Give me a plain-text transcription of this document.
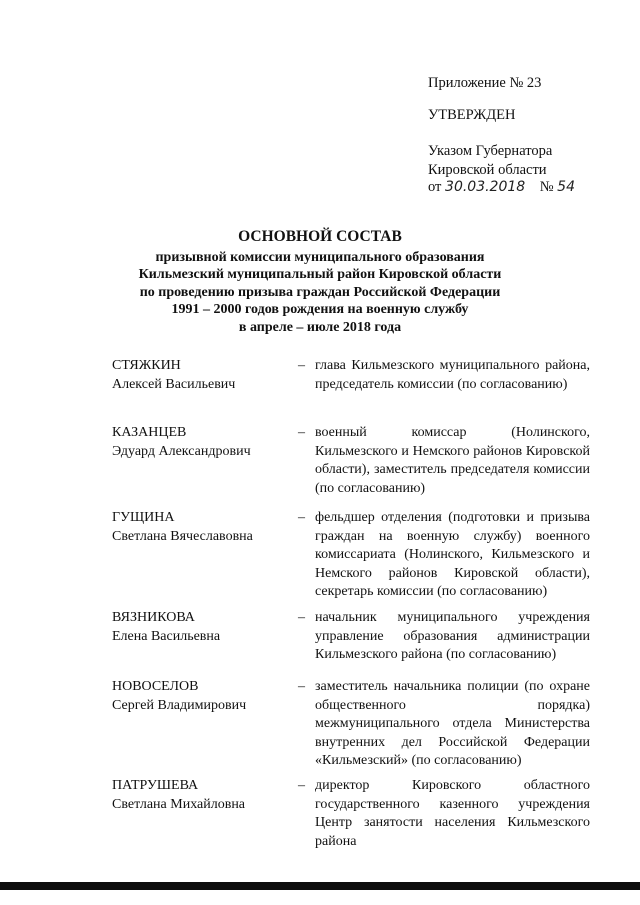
Приложение № 23
УТВЕРЖДЕН
Указом Губернатора
Кировской области
от 30.03.2018 № 54
ОСНОВНОЙ СОСТАВ
призывной комиссии муниципального образования
Кильмезский муниципальный район Кировской области
по проведению призыва граждан Российской Федерации
1991 – 2000 годов рождения на военную службу
в апреле – июле 2018 года
СТЯЖКИН
Алексей Васильевич
– глава Кильмезского муниципального района, председатель комиссии (по согласованию)
КАЗАНЦЕВ
Эдуард Александрович
– военный комиссар (Нолинского, Кильмезского и Немского районов Кировской области), заместитель председателя комиссии (по согласованию)
ГУЩИНА
Светлана Вячеславовна
– фельдшер отделения (подготовки и призыва граждан на военную службу) военного комиссариата (Нолинского, Кильмезского и Немского районов Кировской области), секретарь комиссии (по согласованию)
ВЯЗНИКОВА
Елена Васильевна
– начальник муниципального учреждения управление образования администрации Кильмезского района (по согласованию)
НОВОСЕЛОВ
Сергей Владимирович
– заместитель начальника полиции (по охране общественного порядка) межмуниципального отдела Министерства внутренних дел Российской Федерации «Кильмезский» (по согласованию)
ПАТРУШЕВА
Светлана Михайловна
– директор Кировского областного государственного казенного учреждения Центр занятости населения Кильмезского района
